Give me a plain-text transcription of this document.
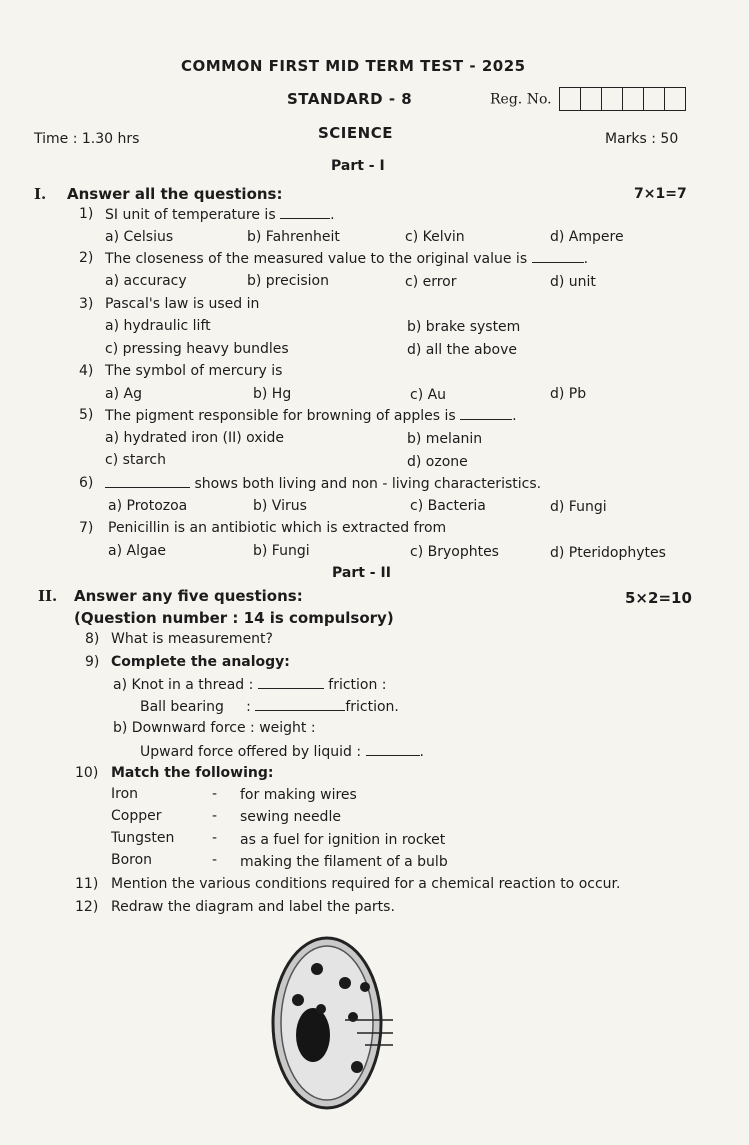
COMMON FIRST MID TERM TEST - 2025
STANDARD - 8	Reg. No.
Time : 1.30 hrs	SCIENCE	Marks : 50
Part - I
I. Answer all the questions:	7×1=7
1) SI unit of temperature is	.
a) Celsius	b) Fahrenheit	c) Kelvin	d) Ampere
2) The closeness of the measured value to the original value is	.
a) accuracy	b) precision	c) error	d) unit
3) Pascal's law is used in
a) hydraulic lift	b) brake system
c) pressing heavy bundles	d) all the above
4) The symbol of mercury is
a) Ag	b) Hg	c) Au	d) Pb
5) The pigment responsible for browning of apples is	.
a) hydrated iron (II) oxide	b) melanin
c) starch	d) ozone
6)	shows both living and non - living characteristics.
a) Protozoa	b) Virus	c) Bacteria	d) Fungi
7) Penicillin is an antibiotic which is extracted from
a) Algae	b) Fungi	c) Bryophtes	d) Pteridophytes
Part - II
II. Answer any five questions:	5×2=10
(Question number : 14 is compulsory)
8) What is measurement?
9) Complete the analogy:
a) Knot in a thread :	friction :
Ball bearing     :	friction.
b) Downward force : weight :
Upward force offered by liquid :	.
10) Match the following:
Iron	- for making wires
Copper	- sewing needle
Tungsten	- as a fuel for ignition in rocket
Boron	- making the filament of a bulb
11) Mention the various conditions required for a chemical reaction to occur.
12) Redraw the diagram and label the parts.
